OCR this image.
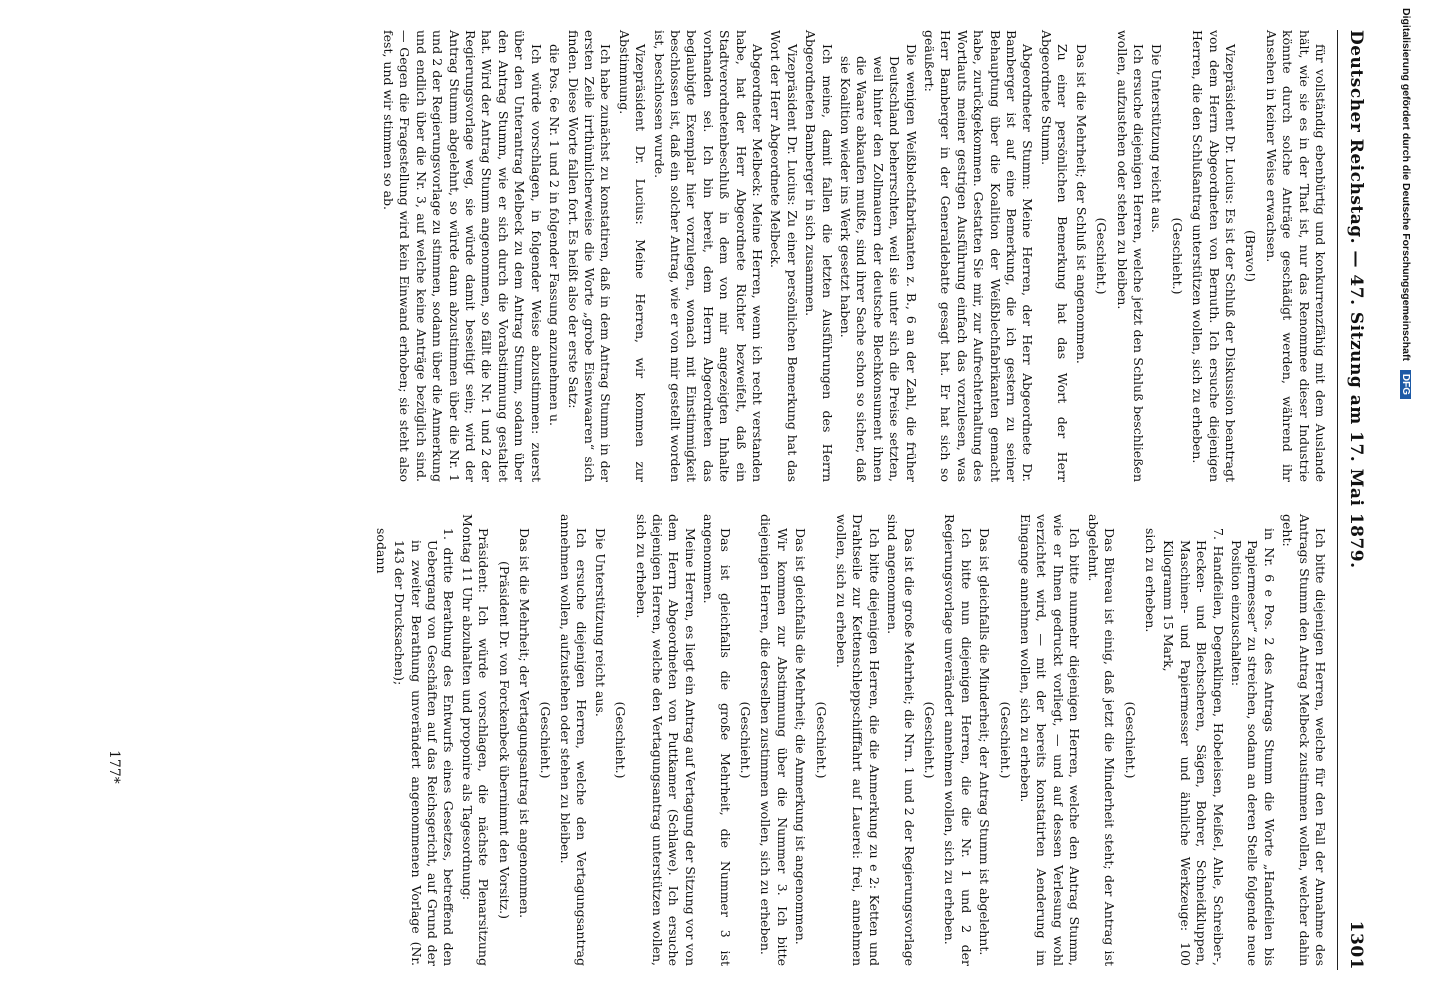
Deutscher Reichstag. — 47. Sitzung am 17. Mai 1879.
1301

für vollständig ebenbürtig und konkurrenzfähig mit dem Auslande hält, wie sie es in der That ist, nur das Renommee dieser Industrie könnte durch solche Anträge geschädigt werden, während ihr Ansehen in keiner Weise erwachsen.

(Bravo!)

Vizepräsident Dr. Lucius: Es ist der Schluß der Diskussion beantragt von dem Herrn Abgeordneten von Bernuth. Ich ersuche diejenigen Herren, die den Schlußantrag unterstützen wollen, sich zu erheben.

(Geschieht.)

Die Unterstützung reicht aus.

Ich ersuche diejenigen Herren, welche jetzt den Schluß beschließen wollen, aufzustehen oder stehen zu bleiben.

(Geschieht.)

Das ist die Mehrheit; der Schluß ist angenommen.

Zu einer persönlichen Bemerkung hat das Wort der Herr Abgeordnete Stumm.

Abgeordneter Stumm: Meine Herren, der Herr Abgeordnete Dr. Bamberger ist auf eine Bemerkung, die ich gestern zu seiner Behauptung über die Koalition der Weißblechfabrikanten gemacht habe, zurückgekommen. Gestatten Sie mir, zur Aufrechterhaltung des Wortlauts meiner gestrigen Ausführung einfach das vorzulesen, was Herr Bamberger in der Generaldebatte gesagt hat. Er hat sich so geäußert:

Die wenigen Weißblechfabrikanten z. B., 6 an der Zahl, die früher Deutschland beherrschten, weil sie unter sich die Preise setzten, weil hinter den Zollmauern der deutsche Blechkonsument ihnen die Waare abkaufen mußte, sind ihrer Sache schon so sicher, daß sie Koalition wieder ins Werk gesetzt haben.

Ich meine, damit fallen die letzten Ausführungen des Herrn Abgeordneten Bamberger in sich zusammen.

Vizepräsident Dr. Lucius: Zu einer persönlichen Bemerkung hat das Wort der Herr Abgeordnete Melbeck.

Abgeordneter Melbeck: Meine Herren, wenn ich recht verstanden habe, hat der Herr Abgeordnete Richter bezweifelt, daß ein Stadtverordnetenbeschluß in dem von mir angezeigten Inhalte vorhanden sei. Ich bin bereit, dem Herrn Abgeordneten das beglaubigte Exemplar hier vorzulegen, wonach mit Einstimmigkeit beschlossen ist, daß ein solcher Antrag, wie er von mir gestellt worden ist, beschlossen wurde.

Vizepräsident Dr. Lucius: Meine Herren, wir kommen zur Abstimmung.

Ich habe zunächst zu konstatiren, daß in dem Antrag Stumm in der ersten Zeile irrthümlicherweise die Worte „grobe Eisenwaaren“ sich finden. Diese Worte fallen fort. Es heißt also der erste Satz:

die Pos. 6e Nr. 1 und 2 in folgender Fassung anzunehmen u.

Ich würde vorschlagen, in folgender Weise abzustimmen: zuerst über den Unterantrag Melbeck zu dem Antrag Stumm, sodann über den Antrag Stumm, wie er sich durch die Vorabstimmung gestaltet hat. Wird der Antrag Stumm angenommen, so fällt die Nr. 1 und 2 der Regierungsvorlage weg, sie würde damit beseitigt sein; wird der Antrag Stumm abgelehnt, so würde dann abzustimmen über die Nr. 1 und 2 der Regierungsvorlage zu stimmen, sodann über die Anmerkung und endlich über die Nr. 3, auf welche keine Anträge bezüglich sind. — Gegen die Fragestellung wird kein Einwand erhoben; sie steht also fest, und wir stimmen so ab.

Ich bitte diejenigen Herren, welche für den Fall der Annahme des Antrags Stumm den Antrag Melbeck zustimmen wollen, welcher dahin geht:

in Nr. 6 e Pos. 2 des Antrags Stumm die Worte „Handfeilen bis Papiermesser“ zu streichen, sodann an deren Stelle folgende neue Position einzuschalten:

7. Handfeilen, Degenklingen, Hobeleisen, Meißel, Ahle, Schreiber-, Hecken- und Blechscheren, Sägen, Bohrer, Schneidkluppen, Maschinen- und Papiermesser und ähnliche Werkzeuge: 100 Kilogramm 15 Mark,

sich zu erheben.

(Geschieht.)

Das Büreau ist einig, daß jetzt die Minderheit steht; der Antrag ist abgelehnt.

Ich bitte nunmehr diejenigen Herren, welche den Antrag Stumm, wie er Ihnen gedruckt vorliegt, — und auf dessen Verlesung wohl verzichtet wird, — mit der bereits konstatirten Aenderung im Eingange annehmen wollen, sich zu erheben.

(Geschieht.)

Das ist gleichfalls die Minderheit; der Antrag Stumm ist abgelehnt.

Ich bitte nun diejenigen Herren, die die Nr. 1 und 2 der Regierungsvorlage unverändert annehmen wollen, sich zu erheben.

(Geschieht.)

Das ist die große Mehrheit; die Nrn. 1 und 2 der Regierungsvorlage sind angenommen.

Ich bitte diejenigen Herren, die die Anmerkung zu e 2: Ketten und Drahtseile zur Kettenschleppschifffahrt auf Lauerei: frei, annehmen wollen, sich zu erheben.

(Geschieht.)

Das ist gleichfalls die Mehrheit; die Anmerkung ist angenommen.

Wir kommen zur Abstimmung über die Nummer 3. Ich bitte diejenigen Herren, die derselben zustimmen wollen, sich zu erheben.

(Geschieht.)

Das ist gleichfalls die große Mehrheit, die Nummer 3 ist angenommen.

Meine Herren, es liegt ein Antrag auf Vertagung der Sitzung vor von dem Herrn Abgeordneten von Puttkamer (Schlawe). Ich ersuche diejenigen Herren, welche den Vertagungsantrag unterstützen wollen, sich zu erheben.

(Geschieht.)

Die Unterstützung reicht aus.

Ich ersuche diejenigen Herren, welche den Vertagungsantrag annehmen wollen, aufzustehen oder stehen zu bleiben.

(Geschieht.)

Das ist die Mehrheit; der Vertagungsantrag ist angenommen.

(Präsident Dr. von Forckenbeck übernimmt den Vorsitz.)

Präsident: Ich würde vorschlagen, die nächste Plenarsitzung Montag 11 Uhr abzuhalten und proponire als Tagesordnung:

1. dritte Berathung des Entwurfs eines Gesetzes, betreffend den Uebergang von Geschäften auf das Reichsgericht, auf Grund der in zweiter Berathung unverändert angenommenen Vorlage (Nr. 143 der Drucksachen);

sodann

177*
Digitalisierung gefördert durch die Deutsche Forschungsgemeinschaft DFG
